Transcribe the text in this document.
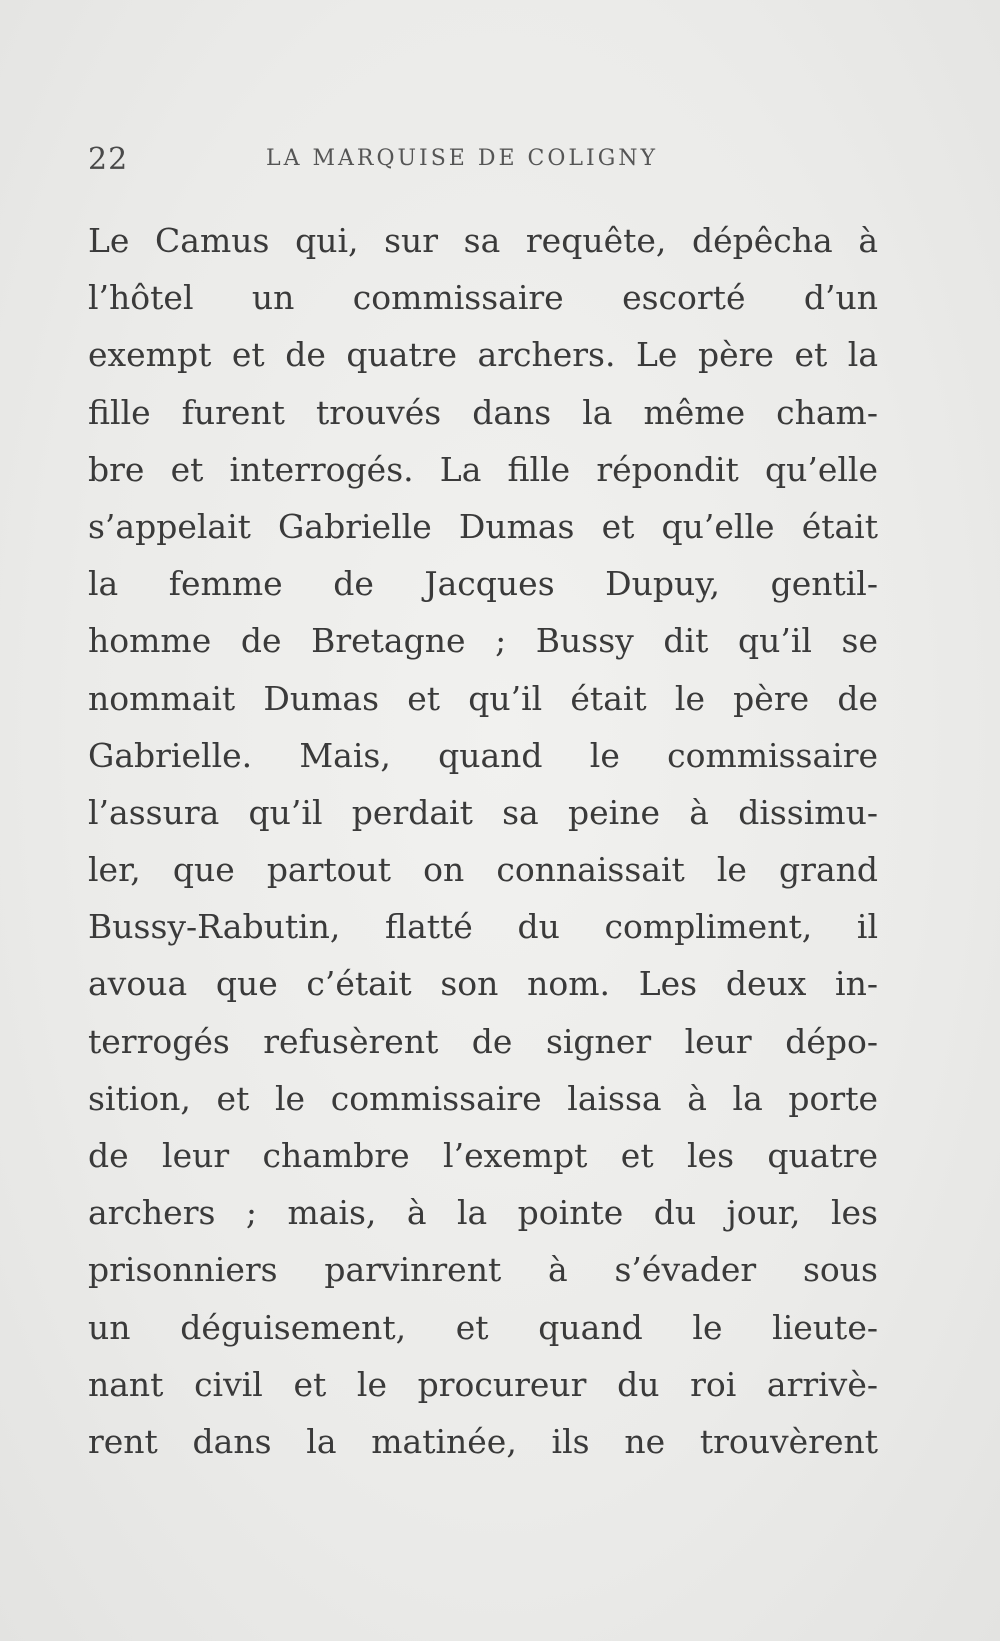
22	LA MARQUISE DE COLIGNY
Le Camus qui, sur sa requête, dépêcha à
l’hôtel un commissaire escorté d’un
exempt et de quatre archers. Le père et la
fille furent trouvés dans la même cham-
bre et interrogés. La fille répondit qu’elle
s’appelait Gabrielle Dumas et qu’elle était
la femme de Jacques Dupuy, gentil-
homme de Bretagne ; Bussy dit qu’il se
nommait Dumas et qu’il était le père de
Gabrielle. Mais, quand le commissaire
l’assura qu’il perdait sa peine à dissimu-
ler, que partout on connaissait le grand
Bussy-Rabutin, flatté du compliment, il
avoua que c’était son nom. Les deux in-
terrogés refusèrent de signer leur dépo-
sition, et le commissaire laissa à la porte
de leur chambre l’exempt et les quatre
archers ; mais, à la pointe du jour, les
prisonniers parvinrent à s’évader sous
un déguisement, et quand le lieute-
nant civil et le procureur du roi arrivè-
rent dans la matinée, ils ne trouvèrent
